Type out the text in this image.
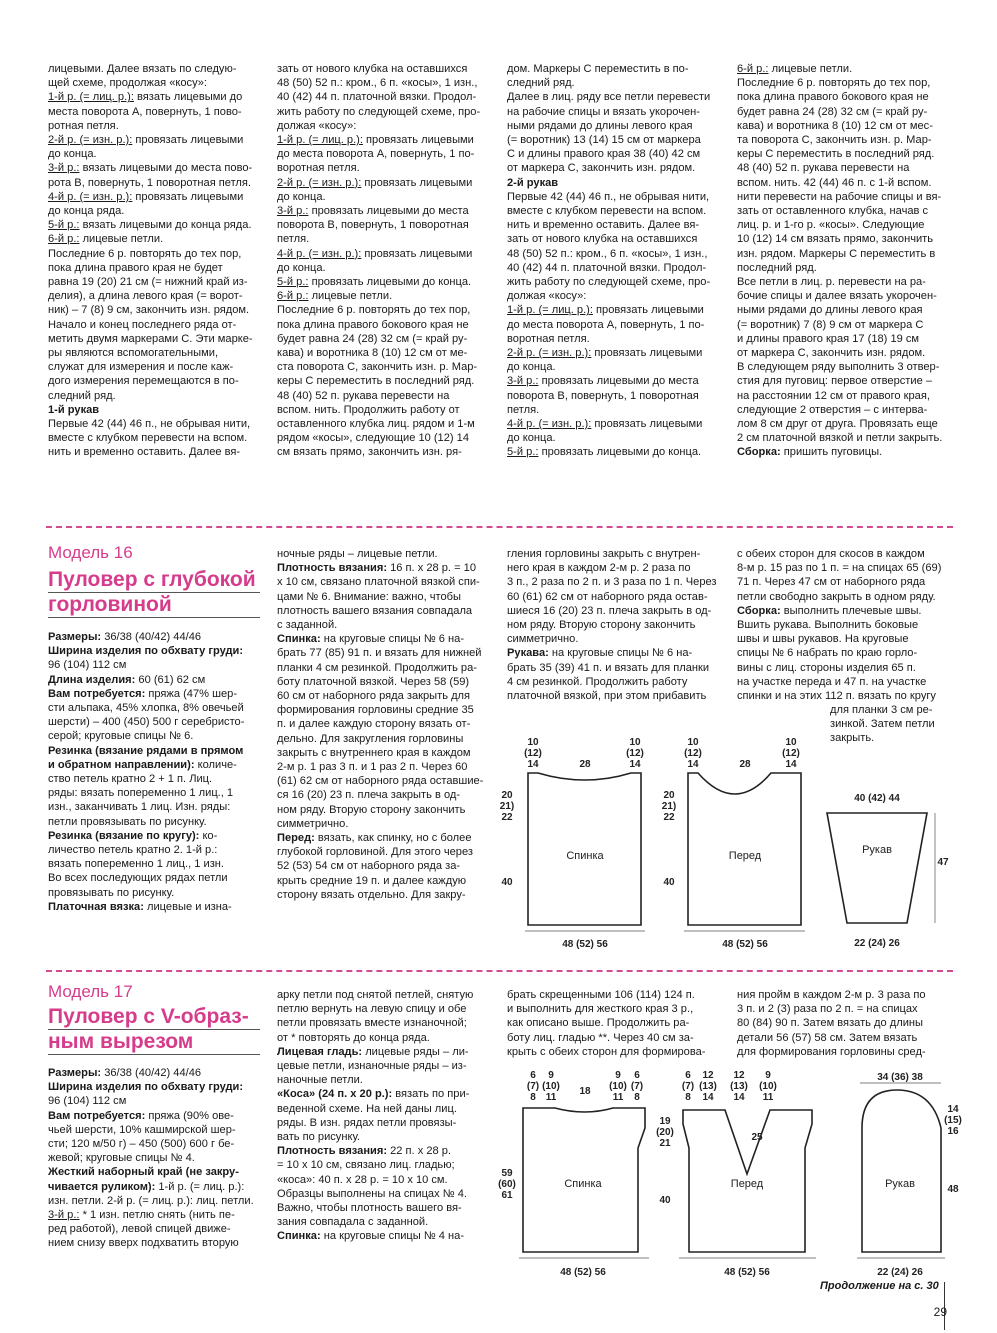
лицевыми. Далее вязать по следую-

щей схеме, продолжая «косу»:

1-й р. (= лиц. р.): вязать лицевыми до

места поворота А, повернуть, 1 пово-

ротная петля.

2-й р. (= изн. р.): провязать лицевыми

до конца.

3-й р.: вязать лицевыми до места пово-

рота В, повернуть, 1 поворотная петля.

4-й р. (= изн. р.): провязать лицевыми

до конца ряда.

5-й р.: вязать лицевыми до конца ряда.

6-й р.: лицевые петли.

Последние 6 р. повторять до тех пор,

пока длина правого края не будет

равна 19 (20) 21 см (= нижний край из-

делия), а длина левого края (= ворот-

ник) – 7 (8) 9 см, закончить изн. рядом.

Начало и конец последнего ряда от-

метить двумя маркерами С. Эти марке-

ры являются вспомогательными,

служат для измерения и после каж-

дого измерения перемещаются в по-

следний ряд.

1-й рукав

Первые 42 (44) 46 п., не обрывая нити,

вместе с клубком перевести на вспом.

нить и временно оставить. Далее вя-

зать от нового клубка на оставшихся

48 (50) 52 п.: кром., 6 п. «косы», 1 изн.,

40 (42) 44 п. платочной вязки. Продол-

жить работу по следующей схеме, про-

должая «косу»:

1-й р. (= лиц. р.): провязать лицевыми

до места поворота А, повернуть, 1 по-

воротная петля.

2-й р. (= изн. р.): провязать лицевыми

до конца.

3-й р.: провязать лицевыми до места

поворота В, повернуть, 1 поворотная

петля.

4-й р. (= изн. р.): провязать лицевыми

до конца.

5-й р.: провязать лицевыми до конца.

6-й р.: лицевые петли.

Последние 6 р. повторять до тех пор,

пока длина правого бокового края не

будет равна 24 (28) 32 см (= край ру-

кава) и воротника 8 (10) 12 см от ме-

ста поворота С, закончить изн. р. Мар-

керы С переместить в последний ряд.

48 (40) 52 п. рукава перевести на

вспом. нить. Продолжить работу от

оставленного клубка лиц. рядом и 1-м

рядом «косы», следующие 10 (12) 14

см вязать прямо, закончить изн. ря-

дом. Маркеры С переместить в по-

следний ряд.

Далее в лиц. ряду все петли перевести

на рабочие спицы и вязать укорочен-

ными рядами до длины левого края

(= воротник) 13 (14) 15 см от маркера

С и длины правого края 38 (40) 42 см

от маркера С, закончить изн. рядом.

2-й рукав

Первые 42 (44) 46 п., не обрывая нити,

вместе с клубком перевести на вспом.

нить и временно оставить. Далее вя-

зать от нового клубка на оставшихся

48 (50) 52 п.: кром., 6 п. «косы», 1 изн.,

40 (42) 44 п. платочной вязки. Продол-

жить работу по следующей схеме, про-

должая «косу»:

1-й р. (= лиц. р.): провязать лицевыми

до места поворота А, повернуть, 1 по-

воротная петля.

2-й р. (= изн. р.): провязать лицевыми

до конца.

3-й р.: провязать лицевыми до места

поворота В, повернуть, 1 поворотная

петля.

4-й р. (= изн. р.): провязать лицевыми

до конца.

5-й р.: провязать лицевыми до конца.

6-й р.: лицевые петли.

Последние 6 р. повторять до тех пор,

пока длина правого бокового края не

будет равна 24 (28) 32 см (= край ру-

кава) и воротника 8 (10) 12 см от мес-

та поворота С, закончить изн. р. Мар-

керы С переместить в последний ряд.

48 (40) 52 п. рукава перевести на

вспом. нить. 42 (44) 46 п. с 1-й вспом.

нити перевести на рабочие спицы и вя-

зать от оставленного клубка, начав с

лиц. р. и 1-го р. «косы». Следующие

10 (12) 14 см вязать прямо, закончить

изн. рядом. Маркеры С переместить в

последний ряд.

Все петли в лиц. р. перевести на ра-

бочие спицы и далее вязать укорочен-

ными рядами до длины левого края

(= воротник) 7 (8) 9 см от маркера С

и длины правого края 17 (18) 19 см

от маркера С, закончить изн. рядом.

В следующем ряду выполнить 3 отвер-

стия для пуговиц: первое отверстие –

на расстоянии 12 см от правого края,

следующие 2 отверстия – с интерва-

лом 8 см друг от друга. Провязать еще

2 см платочной вязкой и петли закрыть.

Сборка: пришить пуговицы.

Модель 16
Пуловер с глубокой
горловиной

Размеры: 36/38 (40/42) 44/46

Ширина изделия по обхвату груди:

96 (104) 112 см

Длина изделия: 60 (61) 62 см

Вам потребуется: пряжа (47% шер-

сти альпака, 45% хлопка, 8% овечьей

шерсти) – 400 (450) 500 г серебристо-

серой; круговые спицы № 6.

Резинка (вязание рядами в прямом

и обратном направлении): количе-

ство петель кратно 2 + 1 п. Лиц.

ряды: вязать попеременно 1 лиц., 1

изн., заканчивать 1 лиц. Изн. ряды:

петли провязывать по рисунку.

Резинка (вязание по кругу): ко-

личество петель кратно 2. 1-й р.:

вязать попеременно 1 лиц., 1 изн.

Во всех последующих рядах петли

провязывать по рисунку.

Платочная вязка: лицевые и изна-

ночные ряды – лицевые петли.

Плотность вязания: 16 п. х 28 р. = 10

х 10 см, связано платочной вязкой спи-

цами № 6. Внимание: важно, чтобы

плотность вашего вязания совпадала

с заданной.

Спинка: на круговые спицы № 6 на-

брать 77 (85) 91 п. и вязать для нижней

планки 4 см резинкой. Продолжить ра-

боту платочной вязкой. Через 58 (59)

60 см от наборного ряда закрыть для

формирования горловины средние 35

п. и далее каждую сторону вязать от-

дельно. Для закругления горловины

закрыть с внутреннего края в каждом

2-м р. 1 раз 3 п. и 1 раз 2 п. Через 60

(61) 62 см от наборного ряда оставшие-

ся 16 (20) 23 п. плеча закрыть в од-

ном ряду. Вторую сторону закончить

симметрично.

Перед: вязать, как спинку, но с более

глубокой горловиной. Для этого через

52 (53) 54 см от наборного ряда за-

крыть средние 19 п. и далее каждую

сторону вязать отдельно. Для закру-

гления горловины закрыть с внутрен-

него края в каждом 2-м р. 2 раза по

3 п., 2 раза по 2 п. и 3 раза по 1 п. Через

60 (61) 62 см от наборного ряда остав-

шиеся 16 (20) 23 п. плеча закрыть в од-

ном ряду. Вторую сторону закончить

симметрично.

Рукава: на круговые спицы № 6 на-

брать 35 (39) 41 п. и вязать для планки

4 см резинкой. Продолжить работу

платочной вязкой, при этом прибавить

с обеих сторон для скосов в каждом

8-м р. 15 раз по 1 п. = на спицах 65 (69)

71 п. Через 47 см от наборного ряда

петли свободно закрыть в одном ряду.

Сборка: выполнить плечевые швы.

Вшить рукава. Выполнить боковые

швы и швы рукавов. На круговые

спицы № 6 набрать по краю горло-

вины с лиц. стороны изделия 65 п.

на участке переда и 47 п. на участке

спинки и на этих 112 п. вязать по кругу

для планки 3 см ре-

зинкой. Затем петли

закрыть.

10
(12)
14	28
10
(12)
14
20
21)
22
40
48 (52) 56
10
(12)
14	28
10
(12)
14
20
21)
22
40
48 (52) 56
40 (42) 44
47
22 (24) 26
Спинка	Перед	Рукав
Модель 17
Пуловер с V-образ-
ным вырезом

Размеры: 36/38 (40/42) 44/46

Ширина изделия по обхвату груди:

96 (104) 112 см

Вам потребуется: пряжа (90% ове-

чьей шерсти, 10% кашмирской шер-

сти; 120 м/50 г) – 450 (500) 600 г бе-

жевой; круговые спицы № 4.

Жесткий наборный край (не закру-

чивается руликом): 1-й р. (= лиц. р.):

изн. петли. 2-й р. (= лиц. р.): лиц. петли.

3-й р.: * 1 изн. петлю снять (нить пе-

ред работой), левой спицей движе-

нием снизу вверх подхватить вторую

арку петли под снятой петлей, снятую

петлю вернуть на левую спицу и обе

петли провязать вместе изнаночной;

от * повторять до конца ряда.

Лицевая гладь: лицевые ряды – ли-

цевые петли, изнаночные ряды – из-

наночные петли.

«Коса» (24 п. х 20 р.): вязать по при-

веденной схеме. На ней даны лиц.

ряды. В изн. рядах петли провязы-

вать по рисунку.

Плотность вязания: 22 п. х 28 р.

= 10 х 10 см, связано лиц. гладью;

«коса»: 40 п. х 28 р. = 10 х 10 см.

Образцы выполнены на спицах № 4.

Важно, чтобы плотность вашего вя-

зания совпадала с заданной.

Спинка: на круговые спицы № 4 на-

брать скрещенными 106 (114) 124 п.

и выполнить для жесткого края 3 р.,

как описано выше. Продолжить ра-

боту лиц. гладью **. Через 40 см за-

крыть с обеих сторон для формирова-

ния пройм в каждом 2-м р. 3 раза по

3 п. и 2 (3) раза по 2 п. = на спицах

80 (84) 90 п. Затем вязать до длины

детали 56 (57) 58 см. Затем вязать

для формирования горловины сред-

6
(7)
8
9
(10)
11
18
9
(10)
11
6
(7)
8
59
(60)
61
48 (52) 56
6
(7)
8
12
(13)
14
12
(13)
14
9
(10)
11
25
19
(20)
21
40
48 (52) 56
34 (36) 38
14
(15)
16
48
22 (24) 26
Спинка	Перед	Рукав
Продолжение на с. 30
29
